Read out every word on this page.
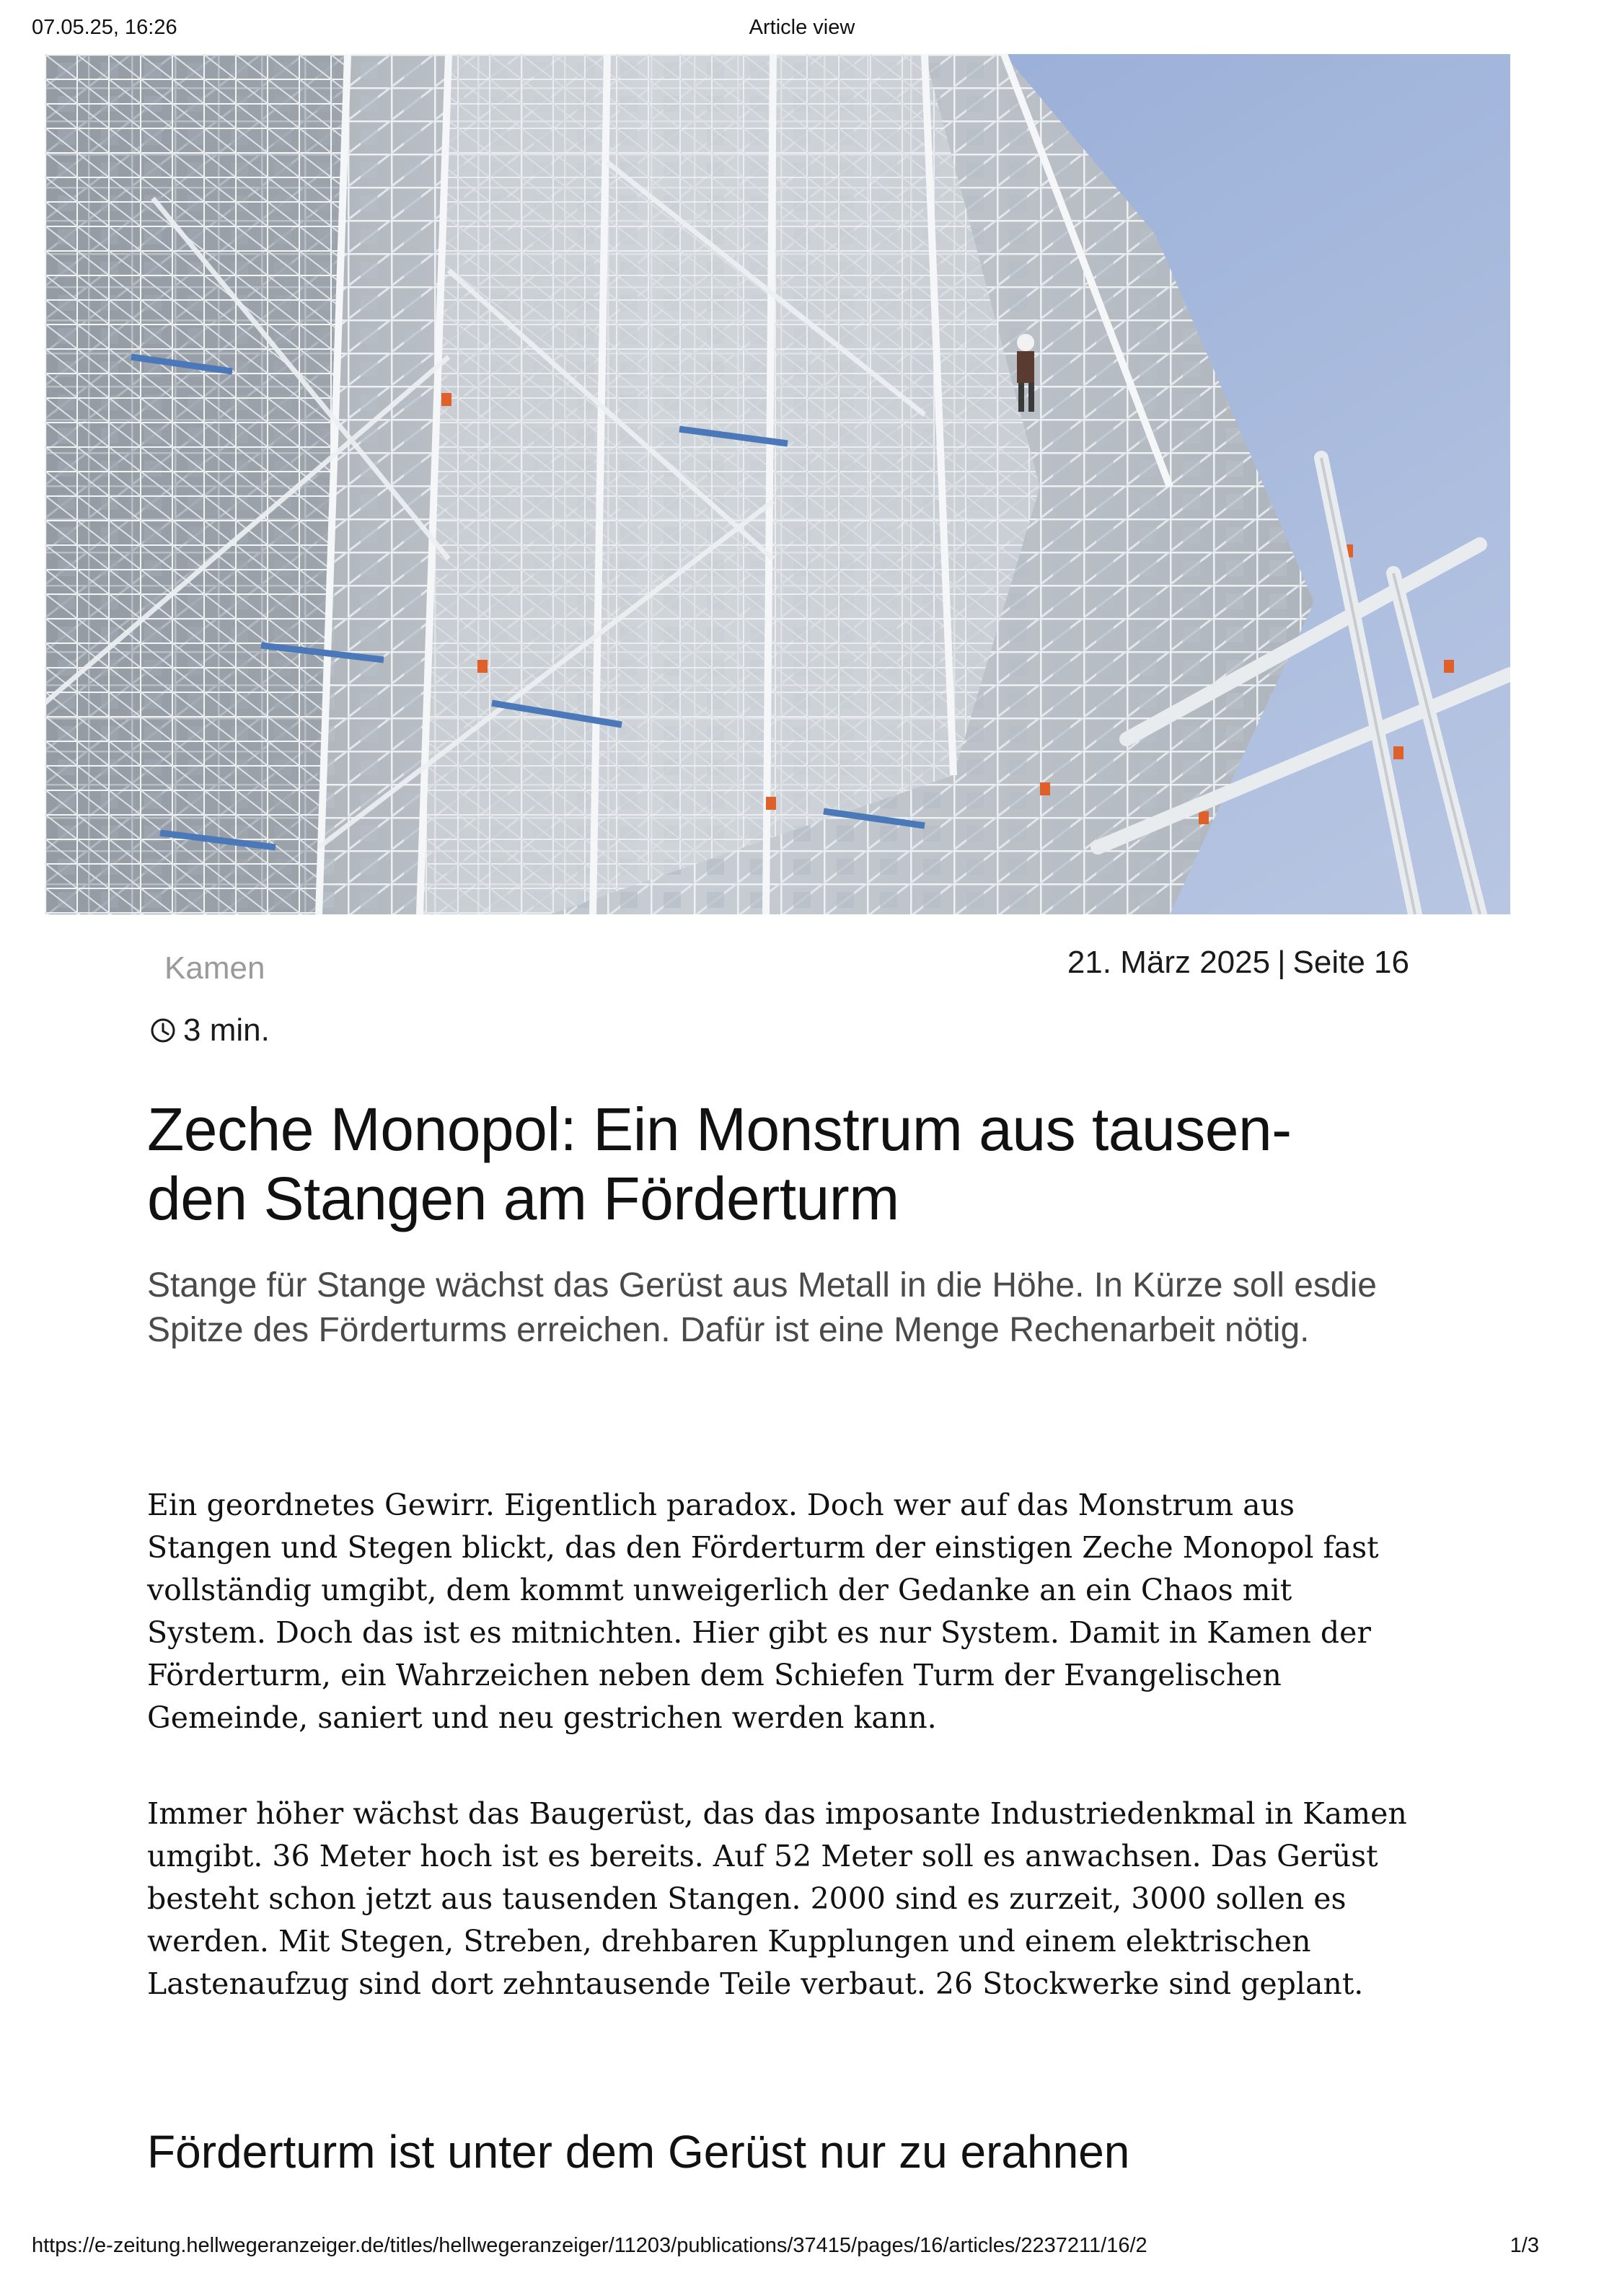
07.05.25, 16:26	Article view
Kamen	21. März 2025 | Seite 16
3 min.
Zeche Monopol: Ein Monstrum aus tausen-
den Stangen am Förderturm

Stange für Stange wächst das Gerüst aus Metall in die Höhe. In Kürze soll esdie Spitze des Förderturms erreichen. Dafür ist eine Menge Rechenarbeit nötig.

Ein geordnetes Gewirr. Eigentlich paradox. Doch wer auf das Monstrum aus Stangen und Stegen blickt, das den Förderturm der einstigen Zeche Monopol fast vollständig umgibt, dem kommt unweigerlich der Gedanke an ein Chaos mit System. Doch das ist es mitnichten. Hier gibt es nur System. Damit in Kamen der Förderturm, ein Wahrzeichen neben dem Schiefen Turm der Evangelischen Gemeinde, saniert und neu gestrichen werden kann.

Immer höher wächst das Baugerüst, das das imposante Industriedenkmal in Kamen umgibt. 36 Meter hoch ist es bereits. Auf 52 Meter soll es anwachsen. Das Gerüst besteht schon jetzt aus tausenden Stangen. 2000 sind es zurzeit, 3000 sollen es werden. Mit Stegen, Streben, drehbaren Kupplungen und einem elektrischen Lastenaufzug sind dort zehntausende Teile verbaut. 26 Stockwerke sind geplant.

Förderturm ist unter dem Gerüst nur zu erahnen
https://e-zeitung.hellwegeranzeiger.de/titles/hellwegeranzeiger/11203/publications/37415/pages/16/articles/2237211/16/2	1/3
